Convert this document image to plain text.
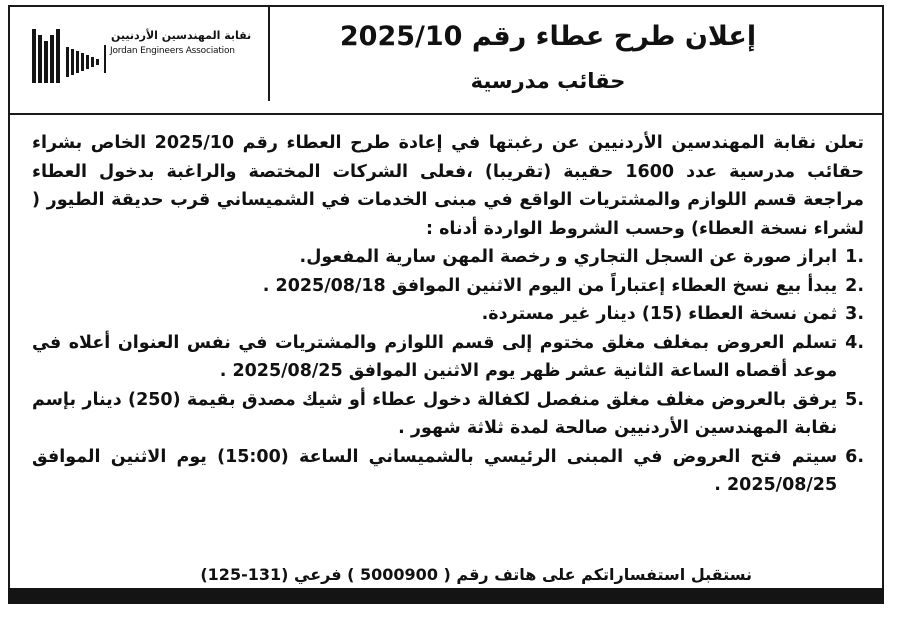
نقابة المهندسين الأردنيين
Jordan Engineers Association	إعلان طرح عطاء رقم 2025/10
حقائب مدرسية

تعلن نقابة المهندسين الأردنيين عن رغبتها في إعادة طرح العطاء رقم 2025/10 الخاص بشراء حقائب مدرسية عدد 1600 حقيبة (تقريبا) ،فعلى الشركات المختصة والراغبة بدخول العطاء مراجعة قسم اللوازم والمشتريات الواقع في مبنى الخدمات في الشميساني قرب حديقة الطيور ( لشراء نسخة العطاء) وحسب الشروط الواردة أدناه :

1.
ابراز صورة عن السجل التجاري و رخصة المهن سارية المفعول.
2.
يبدأ بيع نسخ العطاء إعتباراً من اليوم الاثنين الموافق 2025/08/18 .
3.
ثمن نسخة العطاء (15) دينار غير مستردة.
4.
تسلم العروض بمغلف مغلق مختوم إلى قسم اللوازم والمشتريات في نفس العنوان أعلاه في موعد أقصاه الساعة الثانية عشر ظهر يوم الاثنين الموافق 2025/08/25 .
5.
يرفق بالعروض مغلف مغلق منفصل لكفالة دخول عطاء أو شيك مصدق بقيمة (250) دينار بإسم نقابة المهندسين الأردنيين صالحة لمدة ثلاثة شهور .
6.
سيتم فتح العروض في المبنى الرئيسي بالشميساني الساعة (15:00) يوم الاثنين الموافق 2025/08/25 .
نستقبل استفساراتكم على هاتف رقم ( 5000900 ) فرعي (131-125)
